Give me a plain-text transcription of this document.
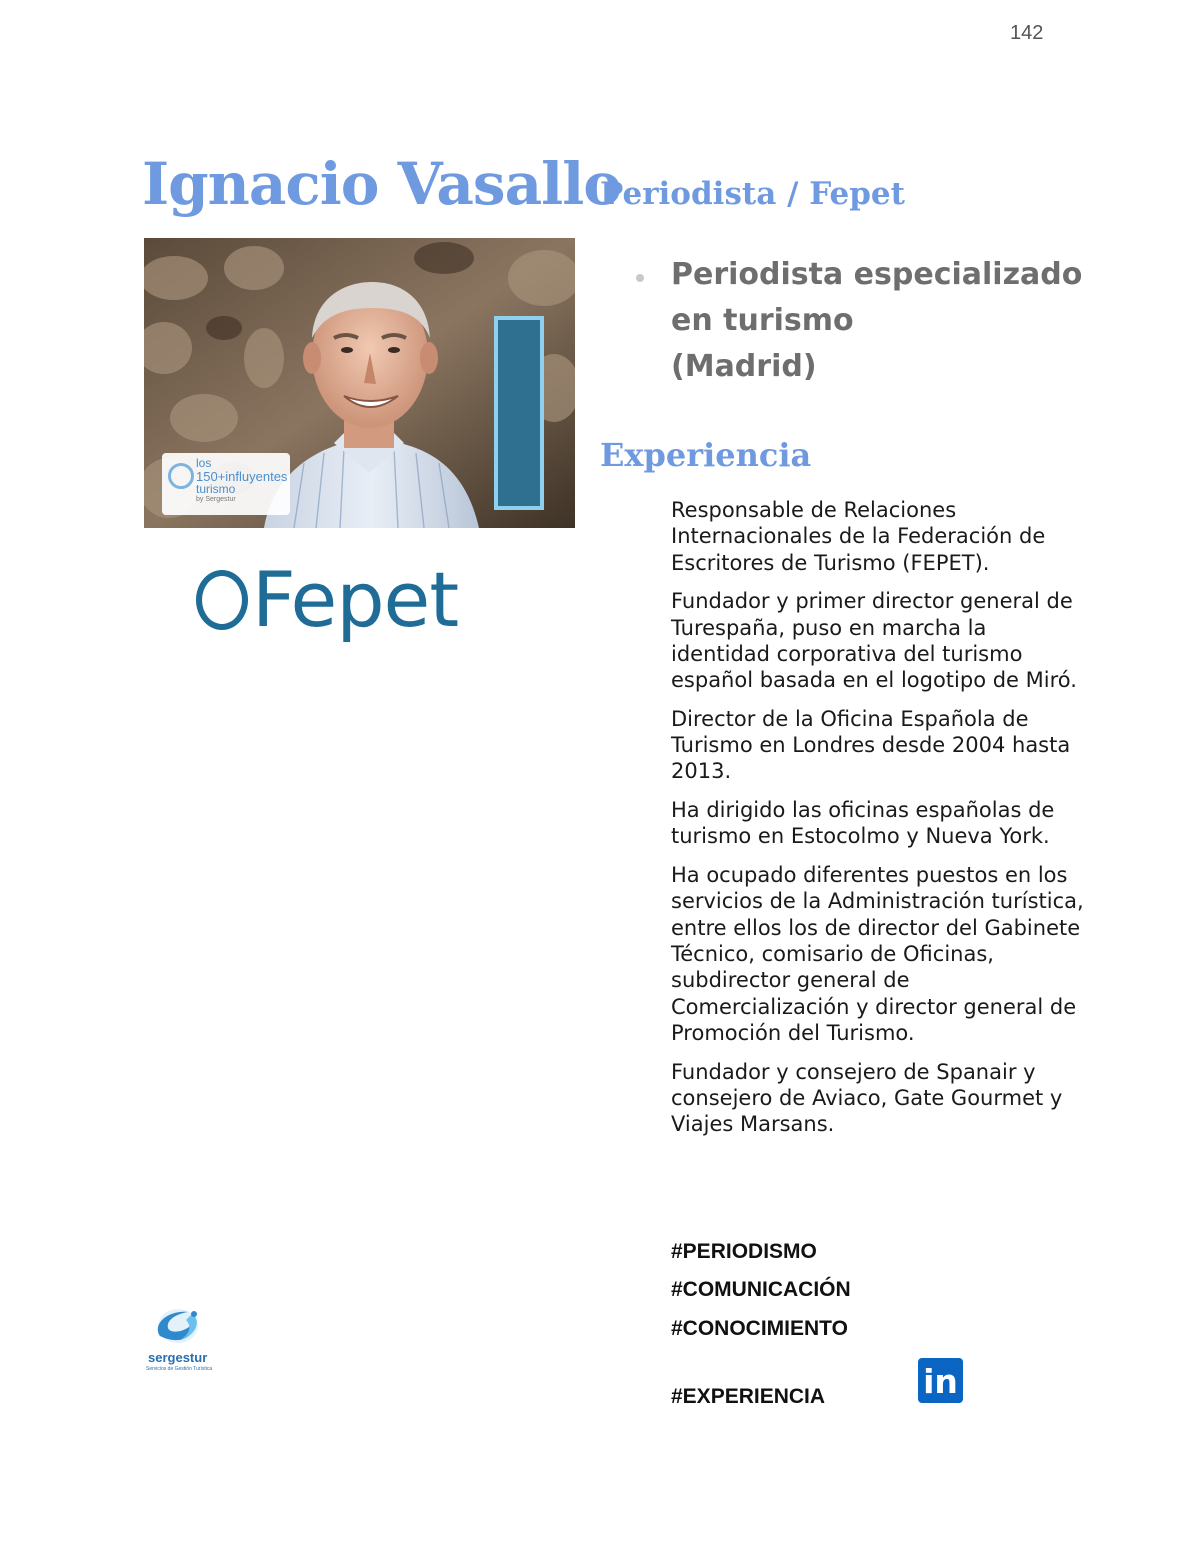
142
Ignacio Vasallo
Periodista / Fepet
los
150+influyentes
turismo
by Sergestur
Fepet
Periodista especializado
en turismo
(Madrid)
Experiencia

Responsable de Relaciones Internacionales de la Federación de Escritores de Turismo (FEPET).

Fundador y primer director general de Turespaña, puso en marcha la identidad corporativa del turismo español basada en el logotipo de Miró.

Director de la Oficina Española de Turismo en Londres desde 2004 hasta 2013.

Ha dirigido las oficinas españolas de turismo en Estocolmo y Nueva York.

Ha ocupado diferentes puestos en los servicios de la Administración turística, entre ellos los de director del Gabinete Técnico, comisario de Oficinas, subdirector general de Comercialización y director general de Promoción del Turismo.

Fundador y consejero de Spanair y consejero de Aviaco, Gate Gourmet y Viajes Marsans.

#PERIODISMO
#COMUNICACIÓN
#CONOCIMIENTO
#EXPERIENCIA	in
sergestur
Servicios de Gestión Turística
